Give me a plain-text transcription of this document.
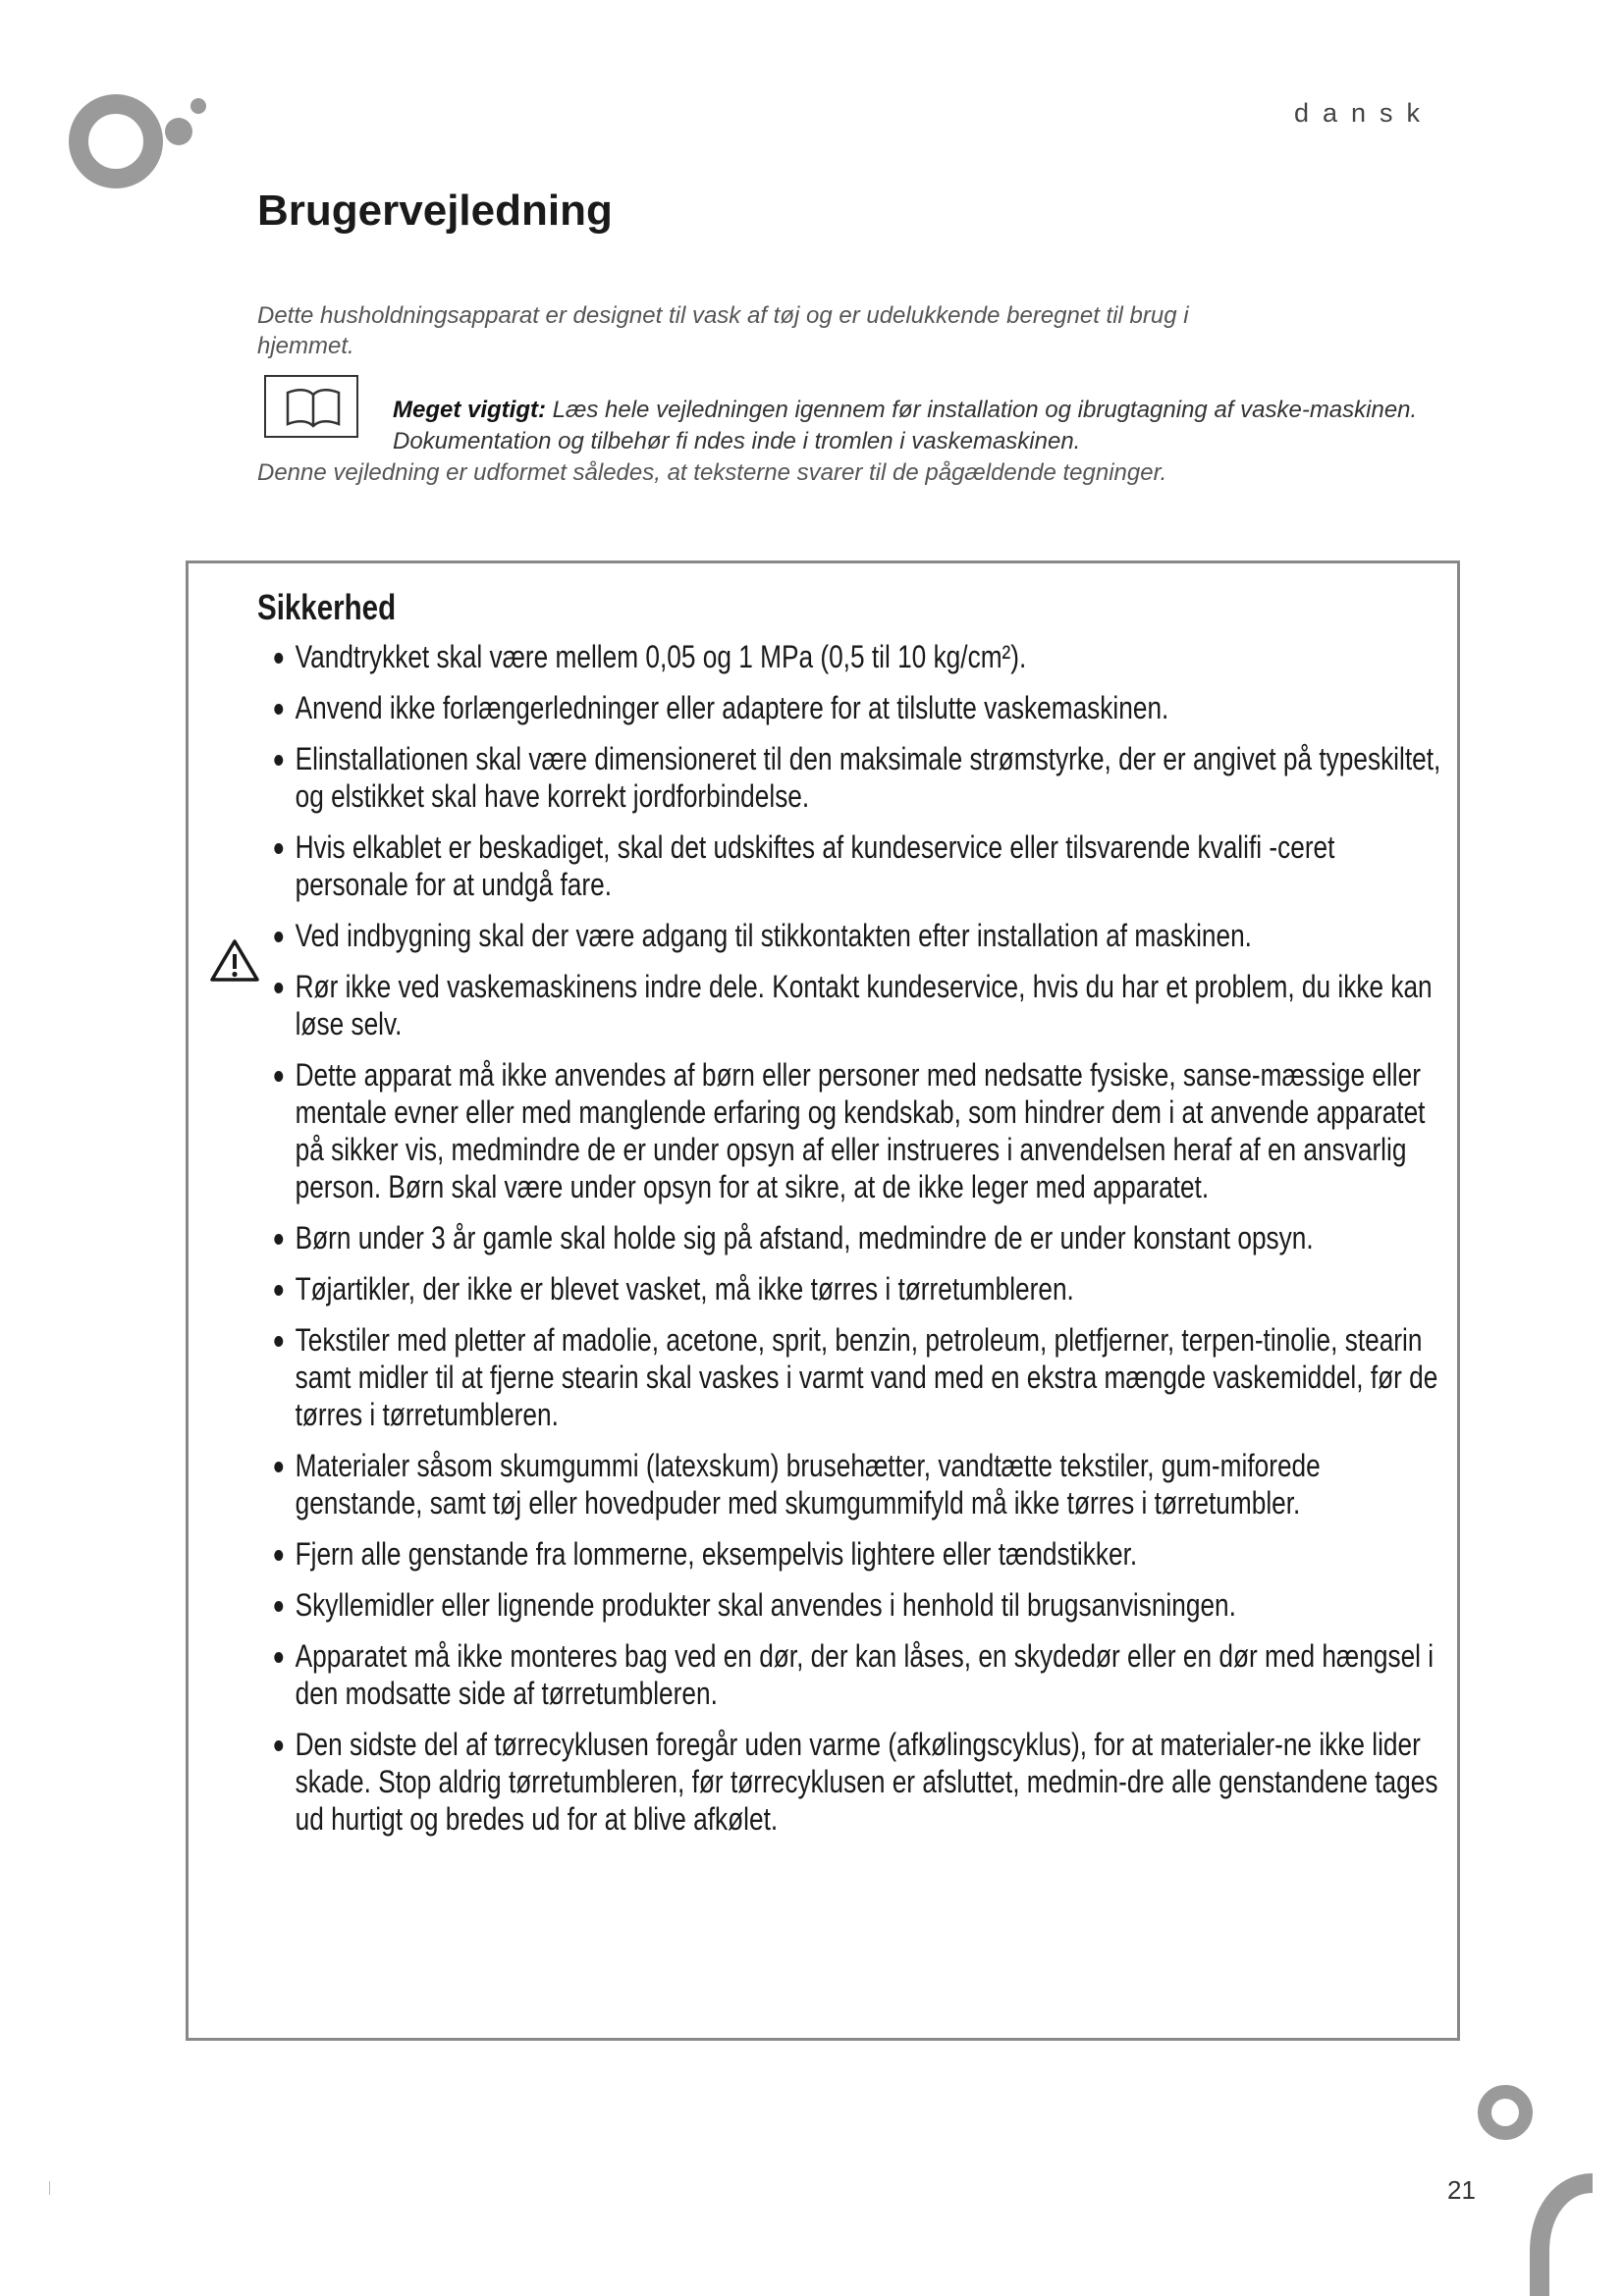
dansk
Brugervejledning
Dette husholdningsapparat er designet til vask af tøj og er udelukkende beregnet til brug i hjemmet.
Meget vigtigt: Læs hele vejledningen igennem før installation og ibrugtagning af vaske-maskinen. Dokumentation og tilbehør fi ndes inde i tromlen i vaskemaskinen.
Denne vejledning er udformet således, at teksterne svarer til de pågældende tegninger.
Sikkerhed
Vandtrykket skal være mellem 0,05 og 1 MPa (0,5 til 10 kg/cm²).
Anvend ikke forlængerledninger eller adaptere for at tilslutte vaskemaskinen.
Elinstallationen skal være dimensioneret til den maksimale strømstyrke, der er angivet på typeskiltet, og elstikket skal have korrekt jordforbindelse.
Hvis elkablet er beskadiget, skal det udskiftes af kundeservice eller tilsvarende kvalifi -ceret personale for at undgå fare.
Ved indbygning skal der være adgang til stikkontakten efter installation af maskinen.
Rør ikke ved vaskemaskinens indre dele. Kontakt kundeservice, hvis du har et problem, du ikke kan løse selv.
Dette apparat må ikke anvendes af børn eller personer med nedsatte fysiske, sanse-mæssige eller mentale evner eller med manglende erfaring og kendskab, som hindrer dem i at anvende apparatet på sikker vis, medmindre de er under opsyn af eller instrueres i anvendelsen heraf af en ansvarlig person. Børn skal være under opsyn for at sikre, at de ikke leger med apparatet.
Børn under 3 år gamle skal holde sig på afstand, medmindre de er under konstant opsyn.
Tøjartikler, der ikke er blevet vasket, må ikke tørres i tørretumbleren.
Tekstiler med pletter af madolie, acetone, sprit, benzin, petroleum, pletfjerner, terpen-tinolie, stearin samt midler til at fjerne stearin skal vaskes i varmt vand med en ekstra mængde vaskemiddel, før de tørres i tørretumbleren.
Materialer såsom skumgummi (latexskum) brusehætter, vandtætte tekstiler, gum-miforede genstande, samt tøj eller hovedpuder med skumgummifyld må ikke tørres i tørretumbler.
Fjern alle genstande fra lommerne, eksempelvis lightere eller tændstikker.
Skyllemidler eller lignende produkter skal anvendes i henhold til brugsanvisningen.
Apparatet må ikke monteres bag ved en dør, der kan låses, en skydedør eller en dør med hængsel i den modsatte side af tørretumbleren.
Den sidste del af tørrecyklusen foregår uden varme (afkølingscyklus), for at materialer-ne ikke lider skade. Stop aldrig tørretumbleren, før tørrecyklusen er afsluttet, medmin-dre alle genstandene tages ud hurtigt og bredes ud for at blive afkølet.
21
